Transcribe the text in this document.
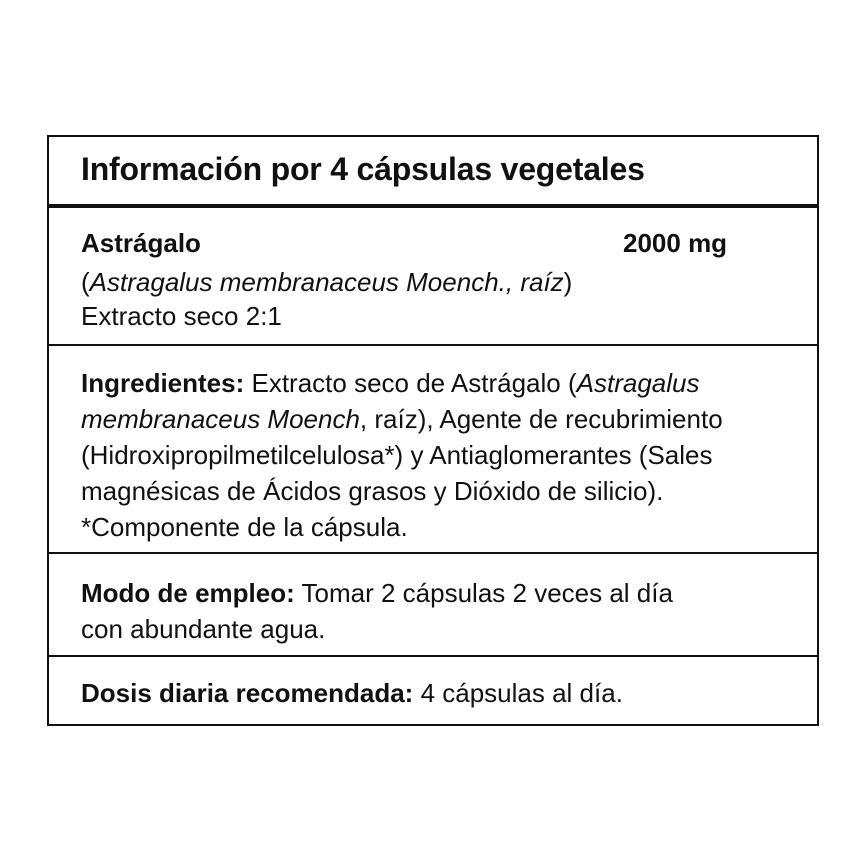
Información por 4 cápsulas vegetales
Astrágalo	2000 mg
(Astragalus membranaceus Moench., raíz)
Extracto seco 2:1
Ingredientes: Extracto seco de Astrágalo (Astragalus
membranaceus Moench, raíz), Agente de recubrimiento
(Hidroxipropilmetilcelulosa*) y Antiaglomerantes (Sales
magnésicas de Ácidos grasos y Dióxido de silicio).
*Componente de la cápsula.
Modo de empleo: Tomar 2 cápsulas 2 veces al día
con abundante agua.
Dosis diaria recomendada: 4 cápsulas al día.
